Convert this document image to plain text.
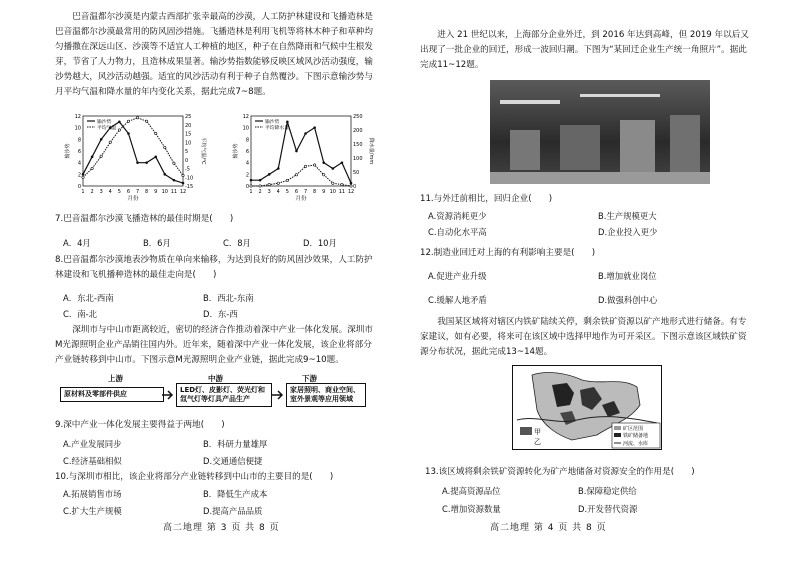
巴音温都尔沙漠是内蒙古西部扩张幸最高的沙漠，人工防护林建设和飞播造林是巴音温都尔沙漠最常用的防风固沙措施。飞播造林是利用飞机等将林木种子和草种均匀播撒在深远山区、沙漠等不适宜人工种植的地区，种子在自然降雨和气候中生根发芽，节省了人力物力，且造林成果显著。输沙势指数能够反映区域风沙活动强度，输沙势越大，风沙活动越强。适宜的风沙活动有利于种子自然覆沙。下图示意输沙势与月平均气温和降水量的年内变化关系，据此完成7~8题。
0
2
4
6
8
10
12
-15
-10
-5
0
5
10
15
20
25
1 2 3 4 5 6 7 8 9 10 11 12
月份
输沙势	平均气温/℃
输沙势
平均气温
0
2
4
6
8
10
12
0
50
100
150
200
250
1 2 3 4 5 6 7 8 9 10 11 12
月份
输沙势	降水量/mm
输沙势
平均降水量
7.巴音温都尔沙漠飞播造林的最佳时期是(　　)
A．4月	B．6月	C．8月	D．10月
8.巴音温都尔沙漠地表沙物质在单向来输移，为达到良好的防风固沙效果，人工防护林建设和飞机播种造林的最佳走向是(　　)
A．东北-西南	B．西北-东南
C．南-北	D．东-西
深圳市与中山市距离较近，密切的经济合作推动着深中产业一体化发展。深圳市M光源照明企业产品销往国内外。近年来，随着深中产业一体化发展，该企业将部分产业链转移到中山市。下图示意M光源照明企业产业链，据此完成9~10题。
上游	中游	下游
原材料及零部件供应	LED灯、皮影灯、荧光灯和氙气灯等灯具产品生产
家居照明、商业空间、室外景观等应用领域
9.深中产业一体化发展主要得益于两地(　　)
A.产业发展同步	B．科研力量雄厚
C.经济基础相似	D.交通通信便捷
10.与深圳市相比，该企业将部分产业链转移到中山市的主要目的是(　　)
A.拓展销售市场	B．降低生产成本
C.扩大生产规模	D.提高产品品质
高二地理 第 3 页 共 8 页
进入 21 世纪以来，上海部分企业外迁，到 2016 年达到高峰，但 2019 年以后又出现了一批企业的回迁，形成一波回归潮。下图为“某回迁企业生产统一角照片”。据此完成11~12题。
11.与外迁前相比，回归企业(　　)
A.资源消耗更少	B.生产规模更大
C.自动化水平高	D.企业投入更少
12.制造业回迁对上海的有利影响主要是(　　)
A.促进产业升级	B.增加就业岗位
C.缓解人地矛盾	D.做强科创中心
我国某区域将对辖区内铁矿陆续关停，剩余铁矿资源以矿产地形式进行储备。有专家建议，如有必要，将来可在该区域中选择甲地作为可开采区。下图示意该区域铁矿资源分布状况，据此完成13~14题。
甲
乙
矿区范围
铁矿储备地
河流、水库
13.该区域将剩余铁矿资源转化为矿产地储备对资源安全的作用是(　　)
A.提高资源品位	B.保障稳定供给
C.增加资源数量	D.开发替代资源
高二地理 第 4 页 共 8 页
